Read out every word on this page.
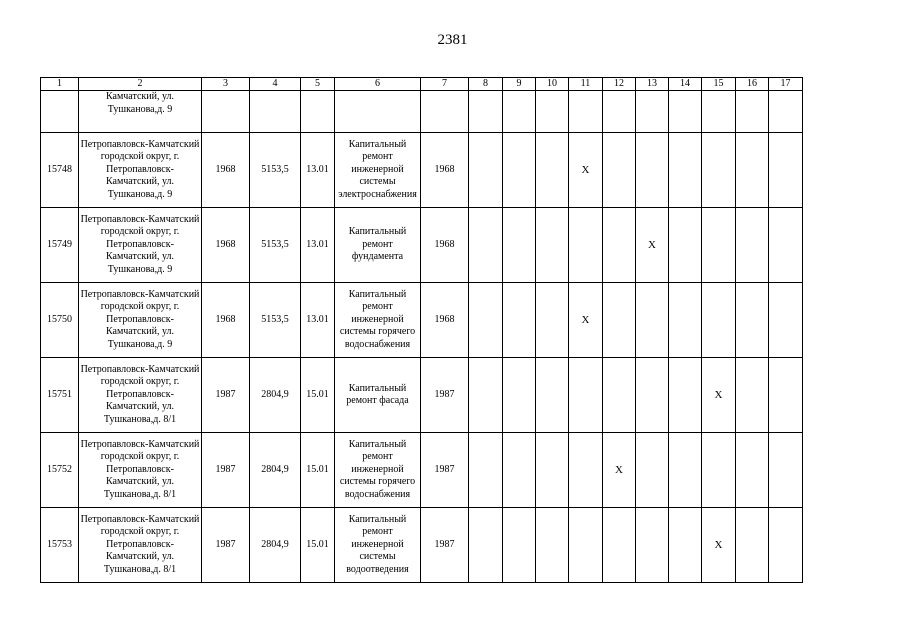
2381
1	2	3	4	5	6	7	8	9	10	11	12	13	14	15	16	17
	Камчатский, ул. Тушканова,д. 9															
15748	Петропавловск-Камчатский городской округ, г. Петропавловск-Камчатский, ул. Тушканова,д. 9	1968	5153,5	13.01	Капитальный ремонт инженерной системы электроснабжения	1968				Х						
15749	Петропавловск-Камчатский городской округ, г. Петропавловск-Камчатский, ул. Тушканова,д. 9	1968	5153,5	13.01	Капитальный ремонт фундамента	1968						Х				
15750	Петропавловск-Камчатский городской округ, г. Петропавловск-Камчатский, ул. Тушканова,д. 9	1968	5153,5	13.01	Капитальный ремонт инженерной системы горячего водоснабжения	1968				Х						
15751	Петропавловск-Камчатский городской округ, г. Петропавловск-Камчатский, ул. Тушканова,д. 8/1	1987	2804,9	15.01	Капитальный ремонт фасада	1987								Х		
15752	Петропавловск-Камчатский городской округ, г. Петропавловск-Камчатский, ул. Тушканова,д. 8/1	1987	2804,9	15.01	Капитальный ремонт инженерной системы горячего водоснабжения	1987					Х					
15753	Петропавловск-Камчатский городской округ, г. Петропавловск-Камчатский, ул. Тушканова,д. 8/1	1987	2804,9	15.01	Капитальный ремонт инженерной системы водоотведения	1987								Х		
